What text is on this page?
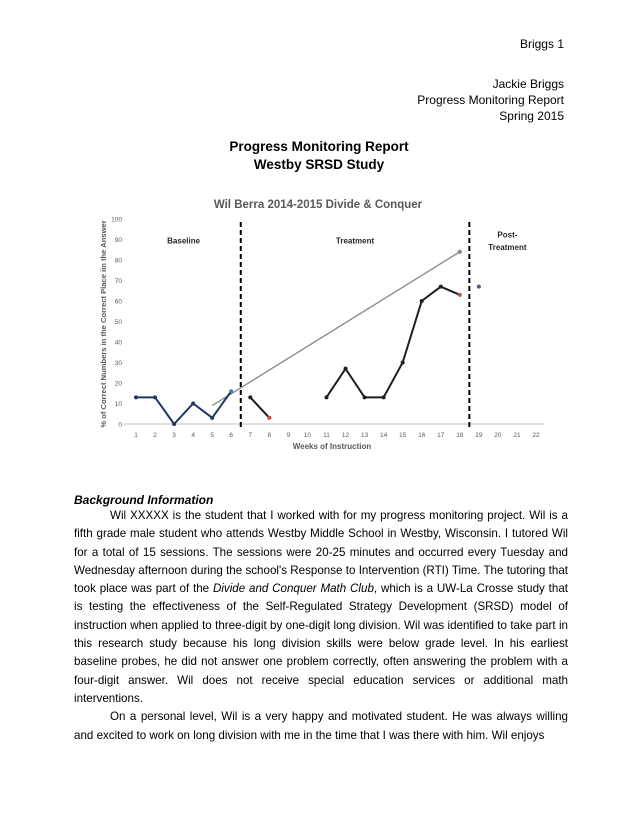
Briggs 1
Jackie Briggs
Progress Monitoring Report
Spring 2015
Progress Monitoring Report
Westby SRSD Study
Wil Berra 2014-2015 Divide & Conquer
% of Correct Numbers in the Correct Place iin the Answer
Weeks of Instruction
0
10
20
30
40
50
60
70
80
90
100
1 2 3 4 5 6 7 8 9 10 11 12 13 14 15 16 17 18 19 20 21 22
Baseline	Treatment
Post-
Treatment
Background Information

Wil XXXXX is the student that I worked with for my progress monitoring project. Wil is a fifth grade male student who attends Westby Middle School in Westby, Wisconsin. I tutored Wil for a total of 15 sessions. The sessions were 20-25 minutes and occurred every Tuesday and Wednesday afternoon during the school's Response to Intervention (RTI) Time. The tutoring that took place was part of the Divide and Conquer Math Club, which is a UW-La Crosse study that is testing the effectiveness of the Self-Regulated Strategy Development (SRSD) model of instruction when applied to three-digit by one-digit long division. Wil was identified to take part in this research study because his long division skills were below grade level. In his earliest baseline probes, he did not answer one problem correctly, often answering the problem with a four-digit answer. Wil does not receive special education services or additional math interventions.

On a personal level, Wil is a very happy and motivated student. He was always willing and excited to work on long division with me in the time that I was there with him. Wil enjoys
